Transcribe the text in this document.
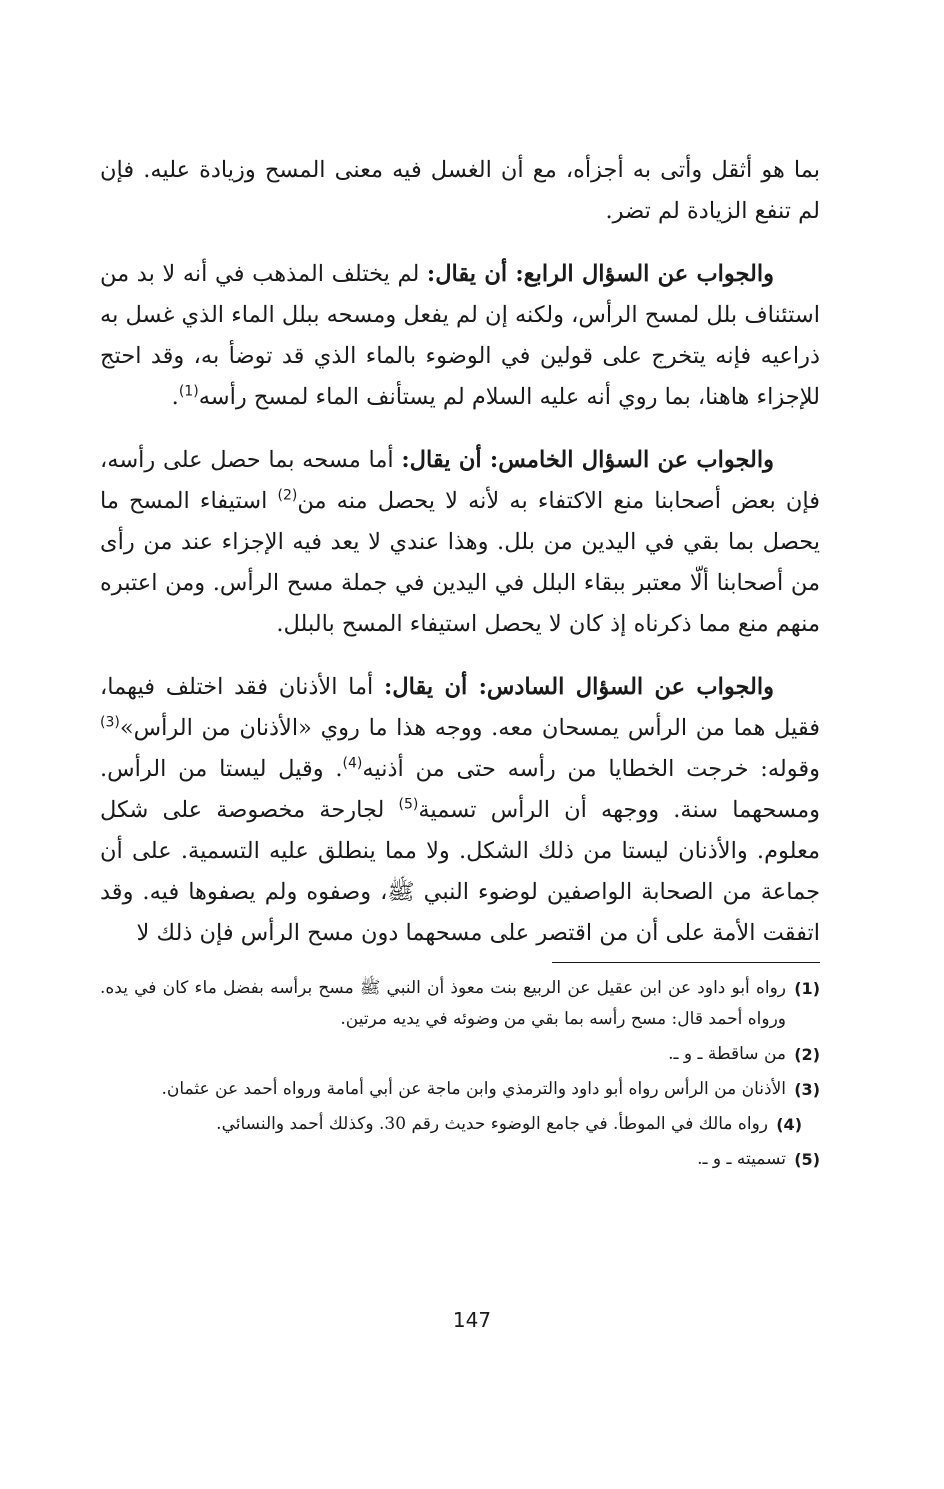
بما هو أثقل وأتى به أجزأه، مع أن الغسل فيه معنى المسح وزيادة عليه. فإن لم تنفع الزيادة لم تضر.

والجواب عن السؤال الرابع: أن يقال: لم يختلف المذهب في أنه لا بد من استئناف بلل لمسح الرأس، ولكنه إن لم يفعل ومسحه ببلل الماء الذي غسل به ذراعيه فإنه يتخرج على قولين في الوضوء بالماء الذي قد توضأ به، وقد احتج للإجزاء هاهنا، بما روي أنه عليه السلام لم يستأنف الماء لمسح رأسه$^{(1)}$.

والجواب عن السؤال الخامس: أن يقال: أما مسحه بما حصل على رأسه، فإن بعض أصحابنا منع الاكتفاء به لأنه لا يحصل منه من$^{(2)}$ استيفاء المسح ما يحصل بما بقي في اليدين من بلل. وهذا عندي لا يعد فيه الإجزاء عند من رأى من أصحابنا ألّا معتبر ببقاء البلل في اليدين في جملة مسح الرأس. ومن اعتبره منهم منع مما ذكرناه إذ كان لا يحصل استيفاء المسح بالبلل.

والجواب عن السؤال السادس: أن يقال: أما الأذنان فقد اختلف فيهما، فقيل هما من الرأس يمسحان معه. ووجه هذا ما روي «الأذنان من الرأس»$^{(3)}$ وقوله: خرجت الخطايا من رأسه حتى من أذنيه$^{(4)}$. وقيل ليستا من الرأس. ومسحهما سنة. ووجهه أن الرأس تسمية$^{(5)}$ لجارحة مخصوصة على شكل معلوم. والأذنان ليستا من ذلك الشكل. ولا مما ينطلق عليه التسمية. على أن جماعة من الصحابة الواصفين لوضوء النبي ﷺ، وصفوه ولم يصفوها فيه. وقد اتفقت الأمة على أن من اقتصر على مسحهما دون مسح الرأس فإن ذلك لا

(1)
رواه أبو داود عن ابن عقيل عن الربيع بنت معوذ أن النبي ﷺ مسح برأسه بفضل ماء كان في يده. ورواه أحمد قال: مسح رأسه بما بقي من وضوئه في يديه مرتين.
(2)
من ساقطة ـ و ـ.
(3)
الأذنان من الرأس رواه أبو داود والترمذي وابن ماجة عن أبي أمامة ورواه أحمد عن عثمان.
(4)
رواه مالك في الموطأ. في جامع الوضوء حديث رقم 30. وكذلك أحمد والنسائي.
(5)
تسميته ـ و ـ.
147
